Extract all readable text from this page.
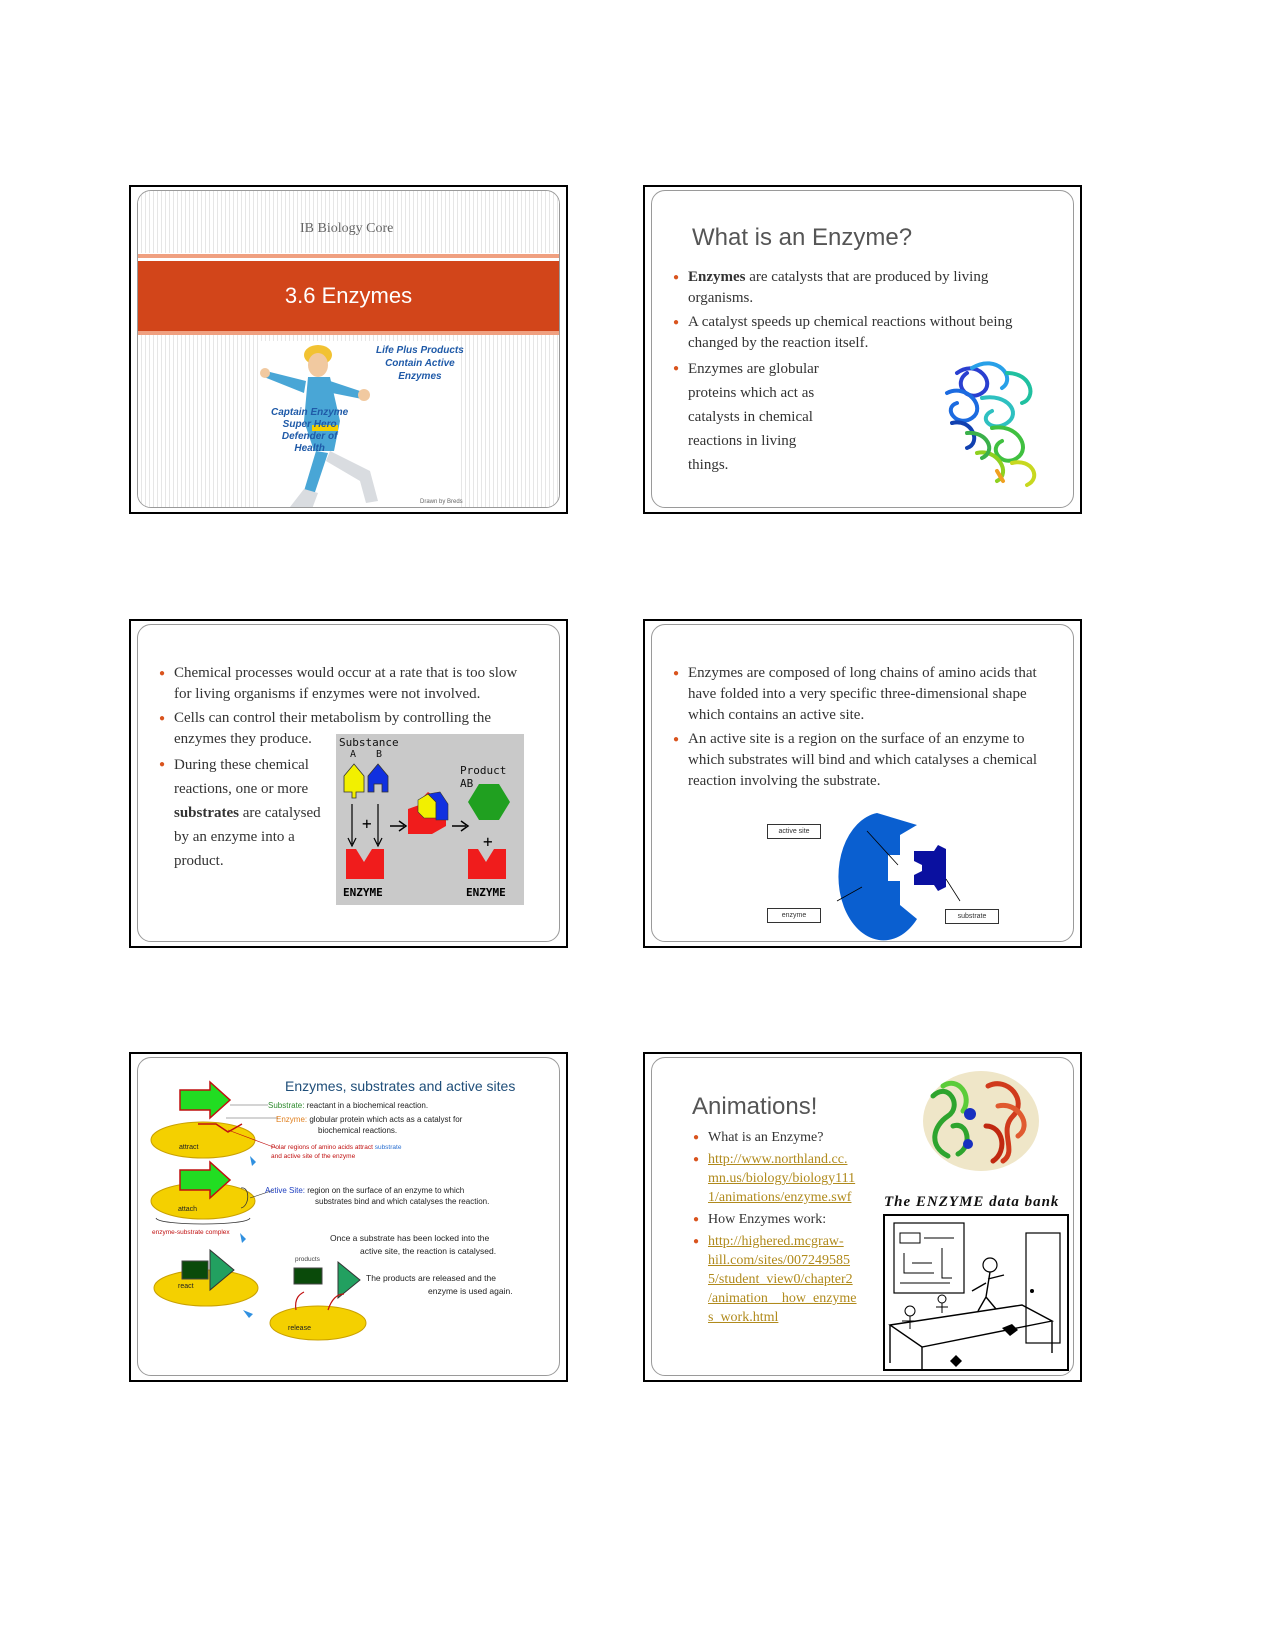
IB Biology Core
3.6 Enzymes
Life Plus Products
Contain Active
Enzymes
Captain Enzyme
Super Hero
Defender of
Health
Drawn by Breds
What is an Enzyme?
● Enzymes are catalysts that are produced by living organisms.
● A catalyst speeds up chemical reactions without being changed by the reaction itself.
● Enzymes are globular proteins which act as catalysts in chemical reactions in living things.
● Chemical processes would occur at a rate that is too slow for living organisms if enzymes were not involved.
● Cells can control their metabolism by controlling the enzymes they produce.
● During these chemical reactions, one or more substrates are catalysed by an enzyme into a product.
Substance
A B
Product AB
+
+
ENZYME	ENZYME
● Enzymes are composed of long chains of amino acids that have folded into a very specific three-dimensional shape which contains an active site.
● An active site is a region on the surface of an enzyme to which substrates will bind and which catalyses a chemical reaction involving the substrate.
active site
enzyme	substrate
Enzymes, substrates and active sites
Substrate: reactant in a biochemical reaction.
Enzyme: globular protein which acts as a catalyst for
biochemical reactions.
Polar regions of amino acids attract substrate
and active site of the enzyme
Active Site: region on the surface of an enzyme to which
substrates bind and which catalyses the reaction.
Once a substrate has been locked into the
active site, the reaction is catalysed.
The products are released and the
enzyme is used again.
attract
attach
enzyme-substrate complex
react
products
release
Animations!
● What is an Enzyme?
● http://www.northland.cc.
mn.us/biology/biology111
1/animations/enzyme.swf
● How Enzymes work:
● http://highered.mcgraw-
hill.com/sites/007249585
5/student_view0/chapter2
/animation__how_enzyme
s_work.html
The ENZYME data bank
